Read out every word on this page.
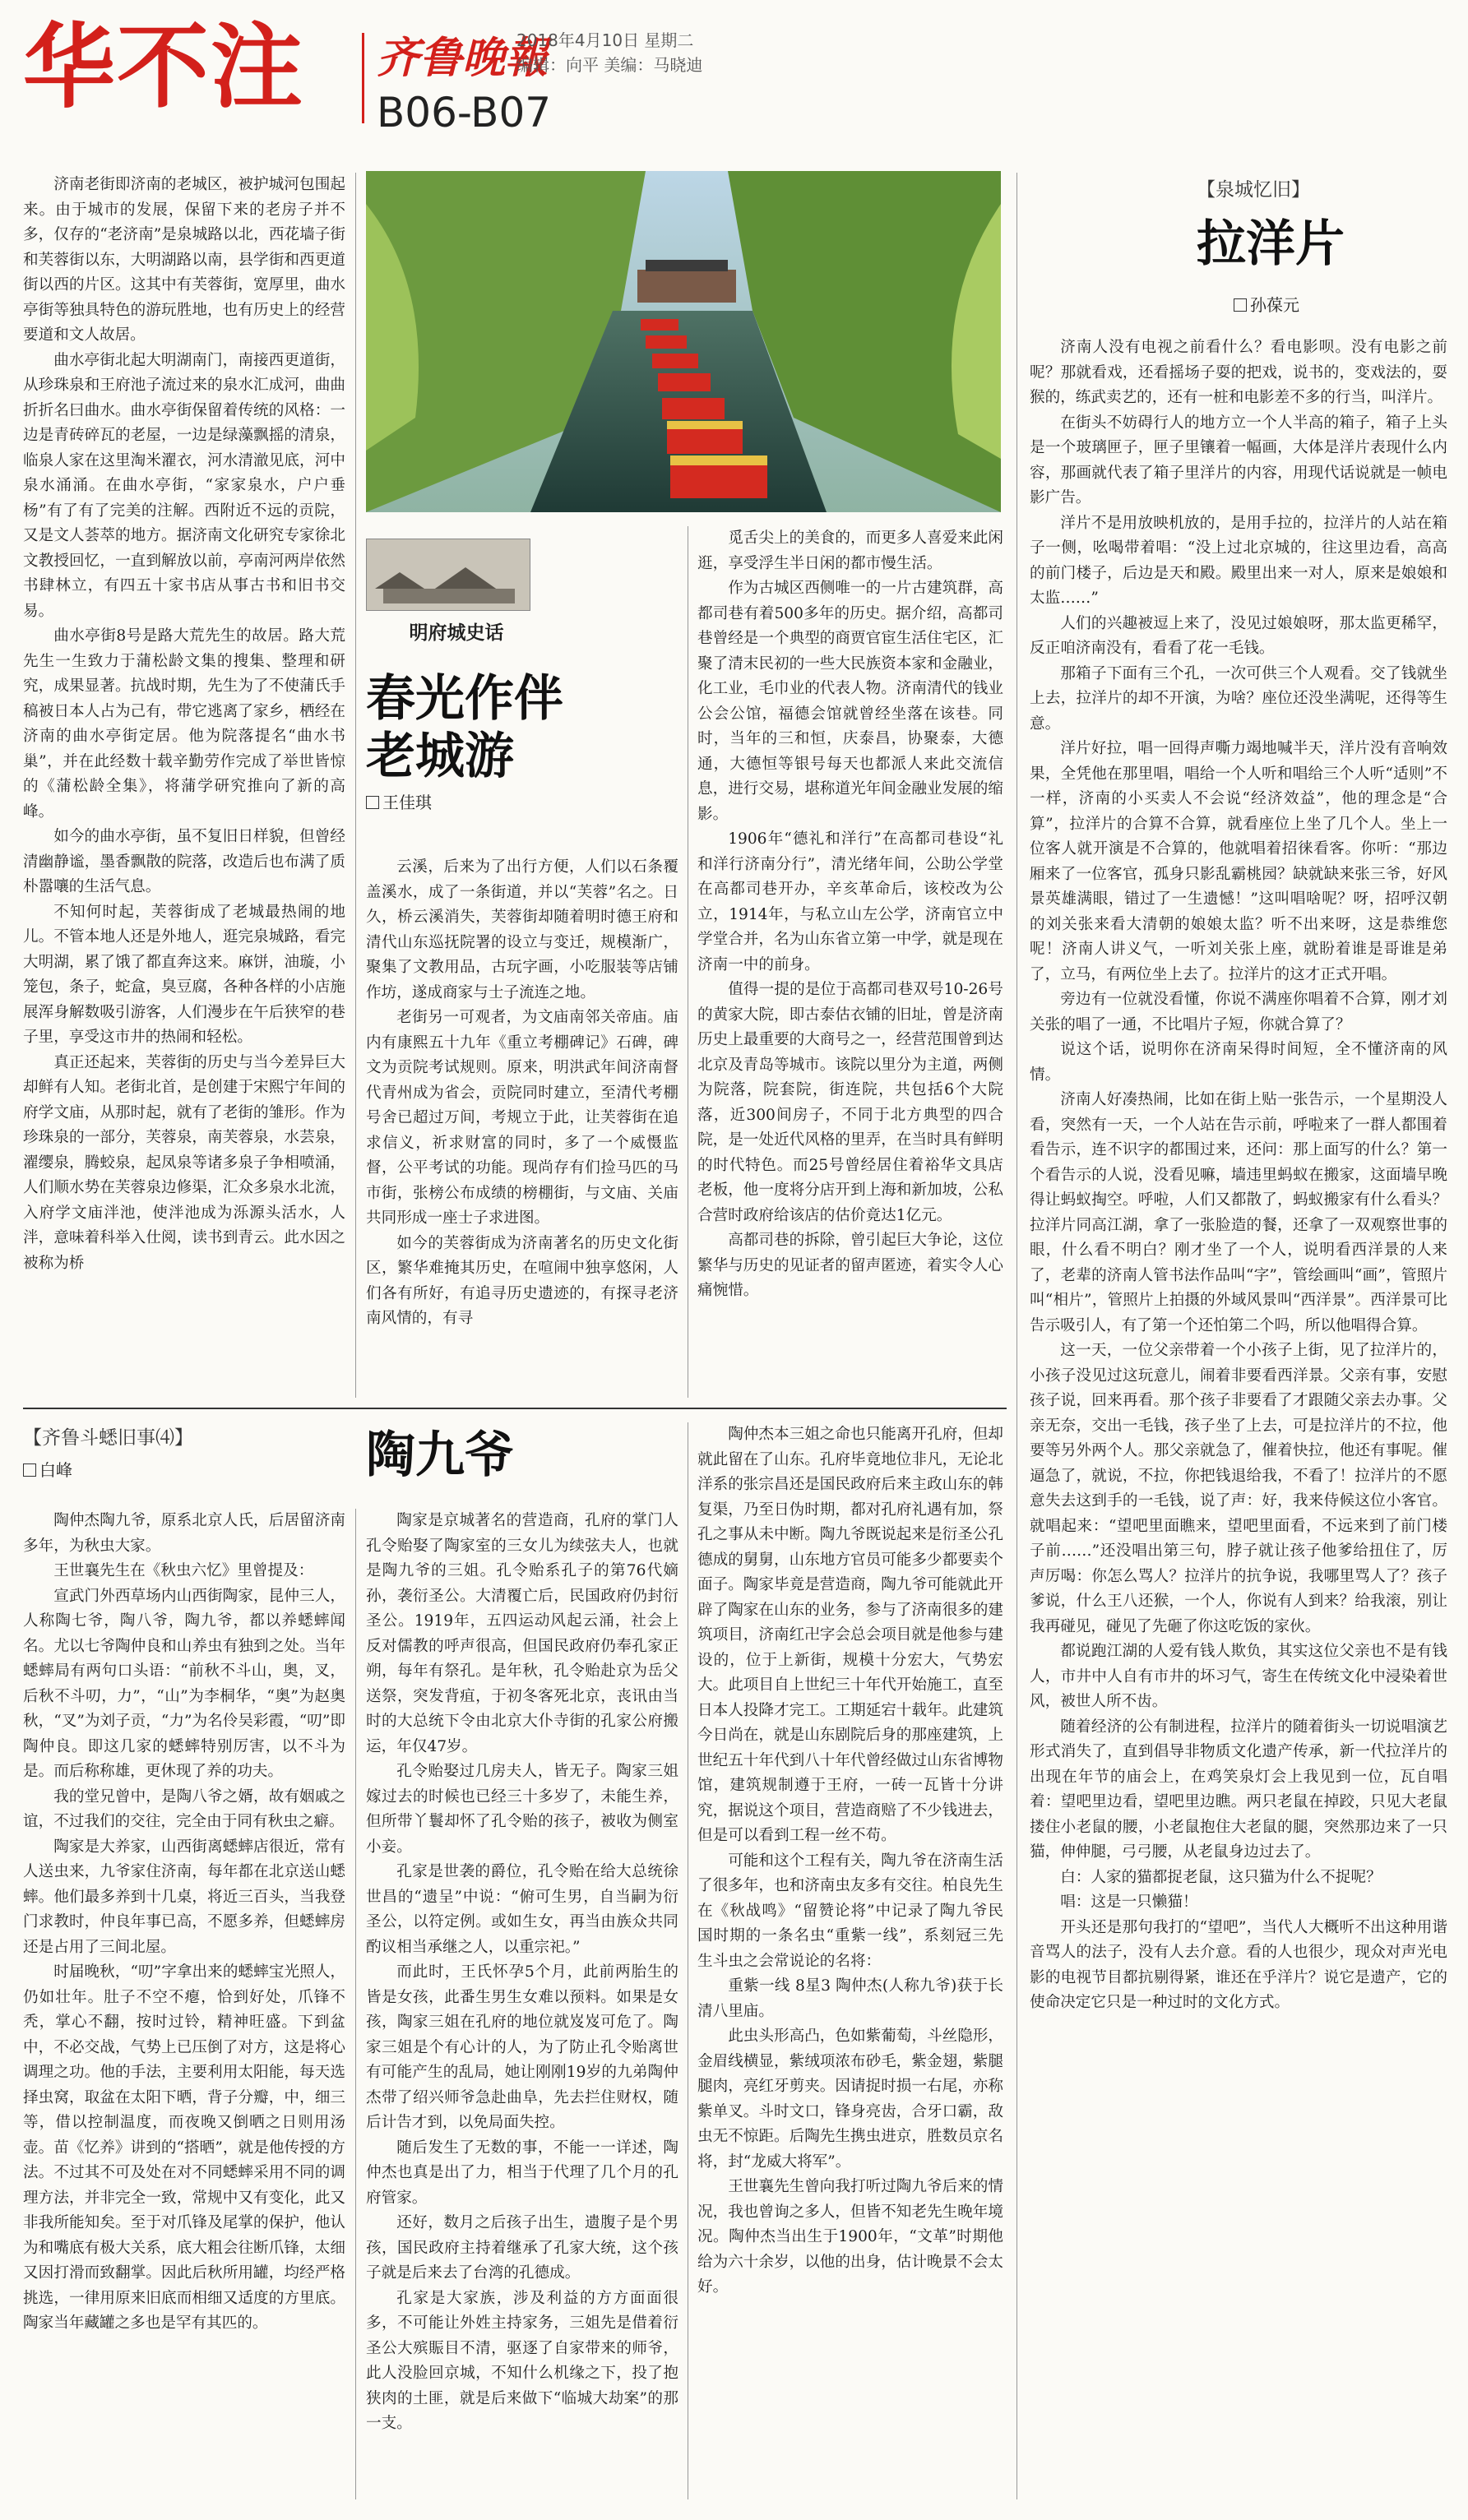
华不注 齐鲁晚報
2018年4月10日 星期二
编辑：向平 美编：马晓迪
B06-B07

济南老街即济南的老城区，被护城河包围起来。由于城市的发展，保留下来的老房子并不多，仅存的“老济南”是泉城路以北，西花墙子街和芙蓉街以东，大明湖路以南，县学街和西更道街以西的片区。这其中有芙蓉街，宽厚里，曲水亭街等独具特色的游玩胜地，也有历史上的经营要道和文人故居。

曲水亭街北起大明湖南门，南接西更道街，从珍珠泉和王府池子流过来的泉水汇成河，曲曲折折名曰曲水。曲水亭街保留着传统的风格：一边是青砖碎瓦的老屋，一边是绿藻飘摇的清泉，临泉人家在这里淘米濯衣，河水清澈见底，河中泉水涌涌。在曲水亭街，“家家泉水，户户垂杨”有了有了完美的注解。西附近不远的贡院，又是文人荟萃的地方。据济南文化研究专家徐北文教授回忆，一直到解放以前，亭南河两岸依然书肆林立，有四五十家书店从事古书和旧书交易。

曲水亭街8号是路大荒先生的故居。路大荒先生一生致力于蒲松龄文集的搜集、整理和研究，成果显著。抗战时期，先生为了不使蒲氏手稿被日本人占为己有，带它逃离了家乡，栖经在济南的曲水亭街定居。他为院落提名“曲水书巢”，并在此经数十载辛勤劳作完成了举世皆惊的《蒲松龄全集》，将蒲学研究推向了新的高峰。

如今的曲水亭街，虽不复旧日样貌，但曾经清幽静谧，墨香飘散的院落，改造后也布满了质朴嚣嚷的生活气息。

不知何时起，芙蓉街成了老城最热闹的地儿。不管本地人还是外地人，逛完泉城路，看完大明湖，累了饿了都直奔这来。麻饼，油璇，小笼包，条子，蛇盒，臭豆腐，各种各样的小店施展浑身解数吸引游客，人们漫步在午后狭窄的巷子里，享受这市井的热闹和轻松。

真正还起来，芙蓉街的历史与当今差异巨大却鲜有人知。老街北首，是创建于宋熙宁年间的府学文庙，从那时起，就有了老街的雏形。作为珍珠泉的一部分，芙蓉泉，南芙蓉泉，水芸泉，濯缨泉，腾蛟泉，起凤泉等诸多泉子争相喷涌，人们顺水势在芙蓉泉边修渠，汇众多泉水北流，入府学文庙泮池，使泮池成为泺源头活水，人泮，意味着科举入仕阅，读书到青云。此水因之被称为桥

明府城史话
春光作伴
老城游
王佳琪

云溪，后来为了出行方便，人们以石条覆盖溪水，成了一条街道，并以“芙蓉”名之。日久，桥云溪消失，芙蓉街却随着明时德王府和清代山东巡抚院署的设立与变迁，规模渐广，聚集了文教用品，古玩字画，小吃服装等店铺作坊，遂成商家与士子流连之地。

老街另一可观者，为文庙南邻关帝庙。庙内有康熙五十九年《重立考棚碑记》石碑，碑文为贡院考试规则。原来，明洪武年间济南督代青州成为省会，贡院同时建立，至清代考棚号舍已超过万间，考规立于此，让芙蓉街在追求信义，祈求财富的同时，多了一个威慑监督，公平考试的功能。现尚存有们捡马匹的马市街，张榜公布成绩的榜棚街，与文庙、关庙共同形成一座士子求进图。

如今的芙蓉街成为济南著名的历史文化街区，繁华难掩其历史，在喧闹中独享悠闲，人们各有所好，有追寻历史遗迹的，有探寻老济南风情的，有寻

觅舌尖上的美食的，而更多人喜爱来此闲逛，享受浮生半日闲的都市慢生活。

作为古城区西侧唯一的一片古建筑群，高都司巷有着500多年的历史。据介绍，高都司巷曾经是一个典型的商贾官宦生活住宅区，汇聚了清末民初的一些大民族资本家和金融业，化工业，毛巾业的代表人物。济南清代的钱业公会公馆，福德会馆就曾经坐落在该巷。同时，当年的三和恒，庆泰昌，协聚泰，大德通，大德恒等银号每天也都派人来此交流信息，进行交易，堪称道光年间金融业发展的缩影。

1906年“德礼和洋行”在高都司巷设“礼和洋行济南分行”，清光绪年间，公助公学堂在高都司巷开办，辛亥革命后，该校改为公立，1914年，与私立山左公学，济南官立中学堂合并，名为山东省立第一中学，就是现在济南一中的前身。

值得一提的是位于高都司巷双号10-26号的黄家大院，即古泰估衣铺的旧址，曾是济南历史上最重要的大商号之一，经营范围曾到达北京及青岛等城市。该院以里分为主道，两侧为院落，院套院，街连院，共包括6个大院落，近300间房子，不同于北方典型的四合院，是一处近代风格的里弄，在当时具有鲜明的时代特色。而25号曾经居住着裕华文具店老板，他一度将分店开到上海和新加坡，公私合营时政府给该店的估价竟达1亿元。

高都司巷的拆除，曾引起巨大争论，这位繁华与历史的见证者的留声匿迹，着实令人心痛惋惜。

【泉城忆旧】
拉洋片
孙葆元

济南人没有电视之前看什么？看电影呗。没有电影之前呢？那就看戏，还看摇场子耍的把戏，说书的，变戏法的，耍猴的，练武卖艺的，还有一桩和电影差不多的行当，叫洋片。

在街头不妨碍行人的地方立一个人半高的箱子，箱子上头是一个玻璃匣子，匣子里镶着一幅画，大体是洋片表现什么内容，那画就代表了箱子里洋片的内容，用现代话说就是一帧电影广告。

洋片不是用放映机放的，是用手拉的，拉洋片的人站在箱子一侧，吆喝带着唱：“没上过北京城的，往这里边看，高高的前门楼子，后边是天和殿。殿里出来一对人，原来是娘娘和太监……”

人们的兴趣被逗上来了，没见过娘娘呀，那太监更稀罕，反正咱济南没有，看看了花一毛钱。

那箱子下面有三个孔，一次可供三个人观看。交了钱就坐上去，拉洋片的却不开演，为啥？座位还没坐满呢，还得等生意。

洋片好拉，唱一回得声嘶力竭地喊半天，洋片没有音响效果，全凭他在那里唱，唱给一个人听和唱给三个人听“适则”不一样，济南的小买卖人不会说“经济效益”，他的理念是“合算”，拉洋片的合算不合算，就看座位上坐了几个人。坐上一位客人就开演是不合算的，他就唱着招徕看客。你听：“那边厢来了一位客官，孤身只影乱霸桃园？缺就缺来张三爷，好风景英雄满眼，错过了一生遗憾！”这叫唱啥呢？呀，招呼汉朝的刘关张来看大清朝的娘娘太监？听不出来呀，这是恭维您呢！济南人讲义气，一听刘关张上座，就盼着谁是哥谁是弟了，立马，有两位坐上去了。拉洋片的这才正式开唱。

旁边有一位就没看懂，你说不满座你唱着不合算，刚才刘关张的唱了一通，不比唱片子短，你就合算了？

说这个话，说明你在济南呆得时间短，全不懂济南的风情。

济南人好凑热闹，比如在街上贴一张告示，一个星期没人看，突然有一天，一个人站在告示前，呼啦来了一群人都围着看告示，连不识字的都围过来，还问：那上面写的什么？第一个看告示的人说，没看见嘛，墙违里蚂蚁在搬家，这面墙早晚得让蚂蚁掏空。呼啦，人们又都散了，蚂蚁搬家有什么看头？拉洋片同高江湖，拿了一张脸造的餐，还拿了一双观察世事的眼，什么看不明白？刚才坐了一个人，说明看西洋景的人来了，老辈的济南人管书法作品叫“字”，管绘画叫“画”，管照片叫“相片”，管照片上拍摄的外域风景叫“西洋景”。西洋景可比告示吸引人，有了第一个还怕第二个吗，所以他唱得合算。

这一天，一位父亲带着一个小孩子上街，见了拉洋片的，小孩子没见过这玩意儿，闹着非要看西洋景。父亲有事，安慰孩子说，回来再看。那个孩子非要看了才跟随父亲去办事。父亲无奈，交出一毛钱，孩子坐了上去，可是拉洋片的不拉，他要等另外两个人。那父亲就急了，催着快拉，他还有事呢。催逼急了，就说，不拉，你把钱退给我，不看了！拉洋片的不愿意失去这到手的一毛钱，说了声：好，我来侍候这位小客官。就唱起来：“望吧里面瞧来，望吧里面看，不远来到了前门楼子前……”还没唱出第三句，脖子就让孩子他爹给扭住了，厉声厉喝：你怎么骂人？拉洋片的抗争说，我哪里骂人了？孩子爹说，什么王八还猴，一个人，你说有人到来？给我滚，别让我再碰见，碰见了先砸了你这吃饭的家伙。

都说跑江湖的人爱有钱人欺负，其实这位父亲也不是有钱人，市井中人自有市井的坏习气，寄生在传统文化中浸染着世风，被世人所不齿。

随着经济的公有制进程，拉洋片的随着街头一切说唱演艺形式消失了，直到倡导非物质文化遗产传承，新一代拉洋片的出现在年节的庙会上，在鸡笑泉灯会上我见到一位，瓦自唱着：望吧里边看，望吧里边瞧。两只老鼠在掉跤，只见大老鼠搂住小老鼠的腰，小老鼠抱住大老鼠的腿，突然那边来了一只猫，伸伸腿，弓弓腰，从老鼠身边过去了。

白：人家的猫都捉老鼠，这只猫为什么不捉呢？

唱：这是一只懒猫！

开头还是那句我打的“望吧”，当代人大概听不出这种用谐音骂人的法子，没有人去介意。看的人也很少，现众对声光电影的电视节目都抗剔得紧，谁还在乎洋片？说它是遗产，它的使命决定它只是一种过时的文化方式。

【齐鲁斗蟋旧事⑷】
白峰	陶九爷

陶仲杰陶九爷，原系北京人氏，后居留济南多年，为秋虫大家。

王世襄先生在《秋虫六忆》里曾提及：

宣武门外西草场内山西街陶家，昆仲三人，人称陶七爷，陶八爷，陶九爷，都以养蟋蟀闻名。尤以七爷陶仲良和山养虫有独到之处。当年蟋蟀局有两句口头语：“前秋不斗山，奥，叉，后秋不斗叨，力”，“山”为李桐华，“奥”为赵奥秋，“叉”为刘子贡，“力”为名伶吴彩霞，“叨”即陶仲良。即这几家的蟋蟀特别厉害，以不斗为是。而后称称雄，更休现了养的功夫。

我的堂兄曾中，是陶八爷之婿，故有姻戚之谊，不过我们的交往，完全由于同有秋虫之癖。

陶家是大养家，山西街离蟋蟀店很近，常有人送虫来，九爷家住济南，每年都在北京送山蟋蟀。他们最多养到十几桌，将近三百头，当我登门求教时，仲良年事已高，不愿多养，但蟋蟀房还是占用了三间北屋。

时届晚秋，“叨”字拿出来的蟋蟀宝光照人，仍如壮年。肚子不空不瘪，恰到好处，爪锋不秃，掌心不翻，按时过铃，精神旺盛。下到盆中，不必交战，气势上已压倒了对方，这是将心调理之功。他的手法，主要利用太阳能，每天选择虫窝，取盆在太阳下晒，背子分瓣，中，细三等，借以控制温度，而夜晚又倒晒之日则用汤壶。苗《忆养》讲到的“搭晒”，就是他传授的方法。不过其不可及处在对不同蟋蟀采用不同的调理方法，并非完全一致，常规中又有变化，此又非我所能知矣。至于对爪锋及尾掌的保护，他认为和嘴底有极大关系，底大粗会往断爪锋，太细又因打滑而致翻掌。因此后秋所用罐，均经严格挑选，一律用原来旧底而相细又适度的方里底。陶家当年藏罐之多也是罕有其匹的。

陶家是京城著名的营造商，孔府的掌门人孔令贻娶了陶家室的三女儿为续弦夫人，也就是陶九爷的三姐。孔令贻系孔子的第76代嫡孙，袭衍圣公。大清覆亡后，民国政府仍封衍圣公。1919年，五四运动风起云涌，社会上反对儒教的呼声很高，但国民政府仍奉孔家正朔，每年有祭孔。是年秋，孔令贻赴京为岳父送祭，突发背疽，于初冬客死北京，丧讯由当时的大总统下令由北京大仆寺街的孔家公府搬运，年仅47岁。

孔令贻娶过几房夫人，皆无子。陶家三姐嫁过去的时候也已经三十多岁了，未能生养，但所带丫鬟却怀了孔令贻的孩子，被收为侧室小妾。

孔家是世袭的爵位，孔令贻在给大总统徐世昌的“遗呈”中说：“俯可生男，自当嗣为衍圣公，以符定例。或如生女，再当由族众共同酌议相当承继之人，以重宗祀。”

而此时，王氏怀孕5个月，此前两胎生的皆是女孩，此番生男生女难以预料。如果是女孩，陶家三姐在孔府的地位就岌岌可危了。陶家三姐是个有心计的人，为了防止孔令贻离世有可能产生的乱局，她让刚刚19岁的九弟陶仲杰带了绍兴师爷急赴曲阜，先去拦住财权，随后计告才到，以免局面失控。

随后发生了无数的事，不能一一详述，陶仲杰也真是出了力，相当于代理了几个月的孔府管家。

还好，数月之后孩子出生，遗腹子是个男孩，国民政府主持着继承了孔家大统，这个孩子就是后来去了台湾的孔德成。

孔家是大家族，涉及利益的方方面面很多，不可能让外姓主持家务，三姐先是借着衍圣公大殡賑目不清，驱逐了自家带来的师爷，此人没脸回京城，不知什么机缘之下，投了抱狭肉的土匪，就是后来做下“临城大劫案”的那一支。

陶仲杰本三姐之命也只能离开孔府，但却就此留在了山东。孔府毕竟地位非凡，无论北洋系的张宗昌还是国民政府后来主政山东的韩复渠，乃至日伪时期，都对孔府礼遇有加，祭孔之事从未中断。陶九爷既说起来是衍圣公孔德成的舅舅，山东地方官员可能多少都要卖个面子。陶家毕竟是营造商，陶九爷可能就此开辟了陶家在山东的业务，参与了济南很多的建筑项目，济南红卍字会总会项目就是他参与建设的，位于上新街，规模十分宏大，气势宏大。此项目自上世纪三十年代开始施工，直至日本人投降才完工。工期延宕十载年。此建筑今日尚在，就是山东剧院后身的那座建筑，上世纪五十年代到八十年代曾经做过山东省博物馆，建筑规制遵于王府，一砖一瓦皆十分讲究，据说这个项目，营造商赔了不少钱进去，但是可以看到工程一丝不苟。

可能和这个工程有关，陶九爷在济南生活了很多年，也和济南虫友多有交往。柏良先生在《秋战鸣》“留赞论将”中记录了陶九爷民国时期的一条名虫“重紫一线”，系刻冠三先生斗虫之会常说论的名将：

重紫一线 8星3 陶仲杰(人称九爷)获于长清八里庙。

此虫头形高凸，色如紫葡萄，斗丝隐形，金眉线横显，紫绒项浓布砂毛，紫金翅，紫腿腿肉，亮红牙剪夹。因请捉时损一右尾，亦称紫单叉。斗时文口，锋身亮齿，合牙口霸，敌虫无不惊距。后陶先生携虫进京，胜数员京名将，封“龙威大将军”。

王世襄先生曾向我打听过陶九爷后来的情况，我也曾询之多人，但皆不知老先生晚年境况。陶仲杰当出生于1900年，“文革”时期他给为六十余岁，以他的出身，估计晚景不会太好。
